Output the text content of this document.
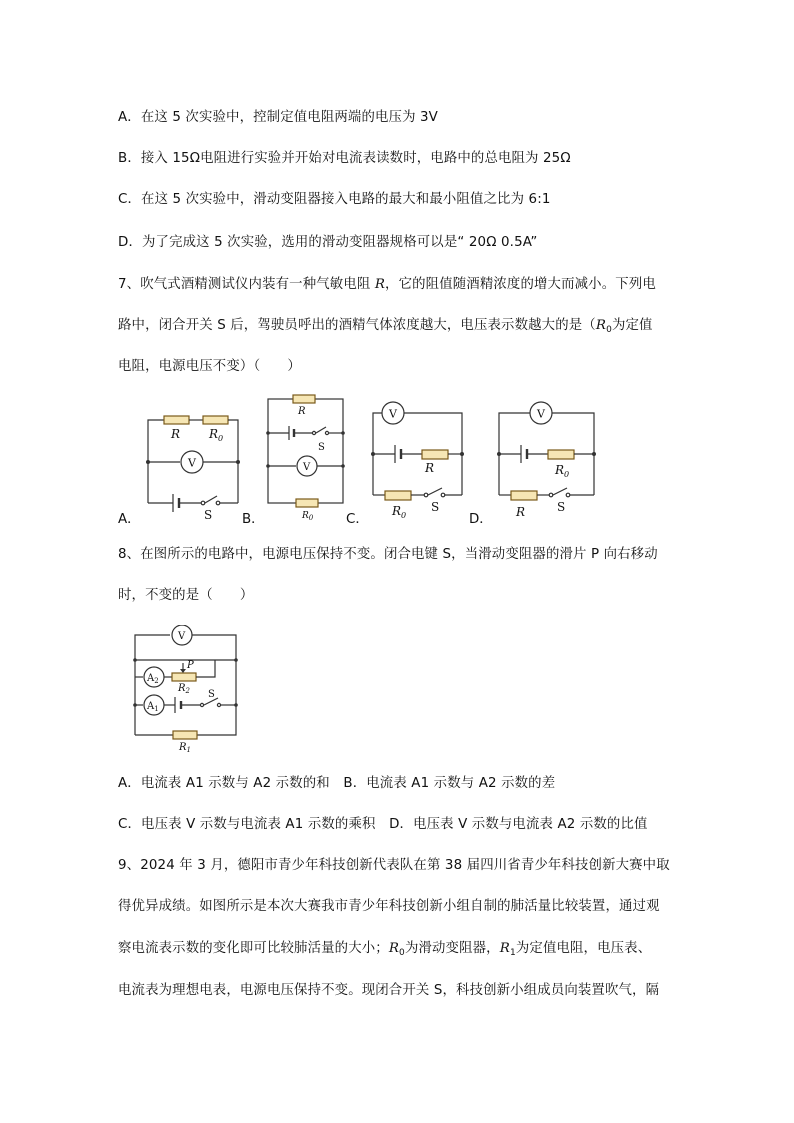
A．在这 5 次实验中，控制定值电阻两端的电压为 3V
B．接入 15Ω电阻进行实验并开始对电流表读数时，电路中的总电阻为 25Ω
C．在这 5 次实验中，滑动变阻器接入电路的最大和最小阻值之比为 6:1
D．为了完成这 5 次实验，选用的滑动变阻器规格可以是“ 20Ω 0.5A”
7、吹气式酒精测试仪内装有一种气敏电阻 R，它的阻值随酒精浓度的增大而减小。下列电
路中，闭合开关 S 后，驾驶员呼出的酒精气体浓度越大，电压表示数越大的是（$R_0$为定值
电阻，电源电压不变）（　　）
A．	B．	C．	D．
R $R_0$
V
S
R
S
V
$R_0$
V
R
$R_0$
S
V
$R_0$
R	S
8、在图所示的电路中，电源电压保持不变。闭合电键 S，当滑动变阻器的滑片 P 向右移动
时，不变的是（　　）
V
$A_2$
$A_1$
P
$R_2$ S
$R_1$
A．电流表 A1 示数与 A2 示数的和　B．电流表 A1 示数与 A2 示数的差
C．电压表 V 示数与电流表 A1 示数的乘积　D．电压表 V 示数与电流表 A2 示数的比值
9、2024 年 3 月，德阳市青少年科技创新代表队在第 38 届四川省青少年科技创新大赛中取
得优异成绩。如图所示是本次大赛我市青少年科技创新小组自制的肺活量比较装置，通过观
察电流表示数的变化即可比较肺活量的大小；$R_0$为滑动变阻器，$R_1$为定值电阻，电压表、
电流表为理想电表，电源电压保持不变。现闭合开关 S，科技创新小组成员向装置吹气，隔
